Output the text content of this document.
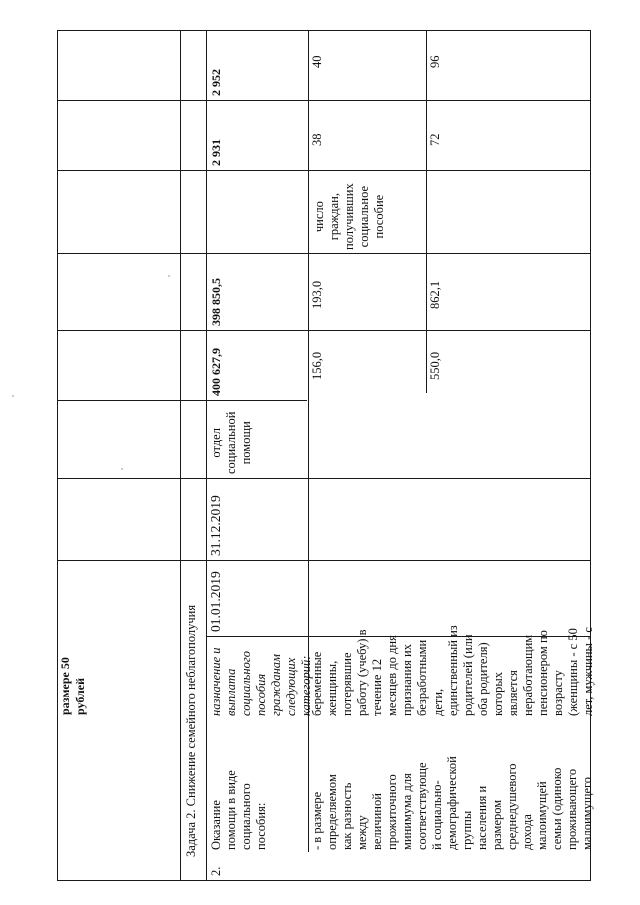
размере 50
рублей	Задача 2. Снижение семейного неблагополучия
2.
Оказание
помощи в виде
социального
пособия:
назначение и
выплата
социального
пособия
гражданам
следующих
категорий:
01.01.2019
31.12.2019
отдел
социальной
помощи
400 627,9
398 850,5
2 931
2 952
- в размере
определяемом
как разность
между
величиной
прожиточного
минимума для
соответствующе
й социально-
демографической
группы
населения и
размером
среднедушевого
дохода
малоимущей
семьи (одиноко
проживающего
малоимущего
беременные
женщины,
потерявшие
работу (учебу) в
течение 12
месяцев до дня
признания их
безработными дети,
единственный из
родителей (или
оба родителя)
которых
является
неработающим
пенсионером по
возрасту
(женщины - с 50
лет, мужчины - с
число
граждан,
получивших
социальное
пособие
156,0
193,0
38
40
550,0
862,1
72
96
